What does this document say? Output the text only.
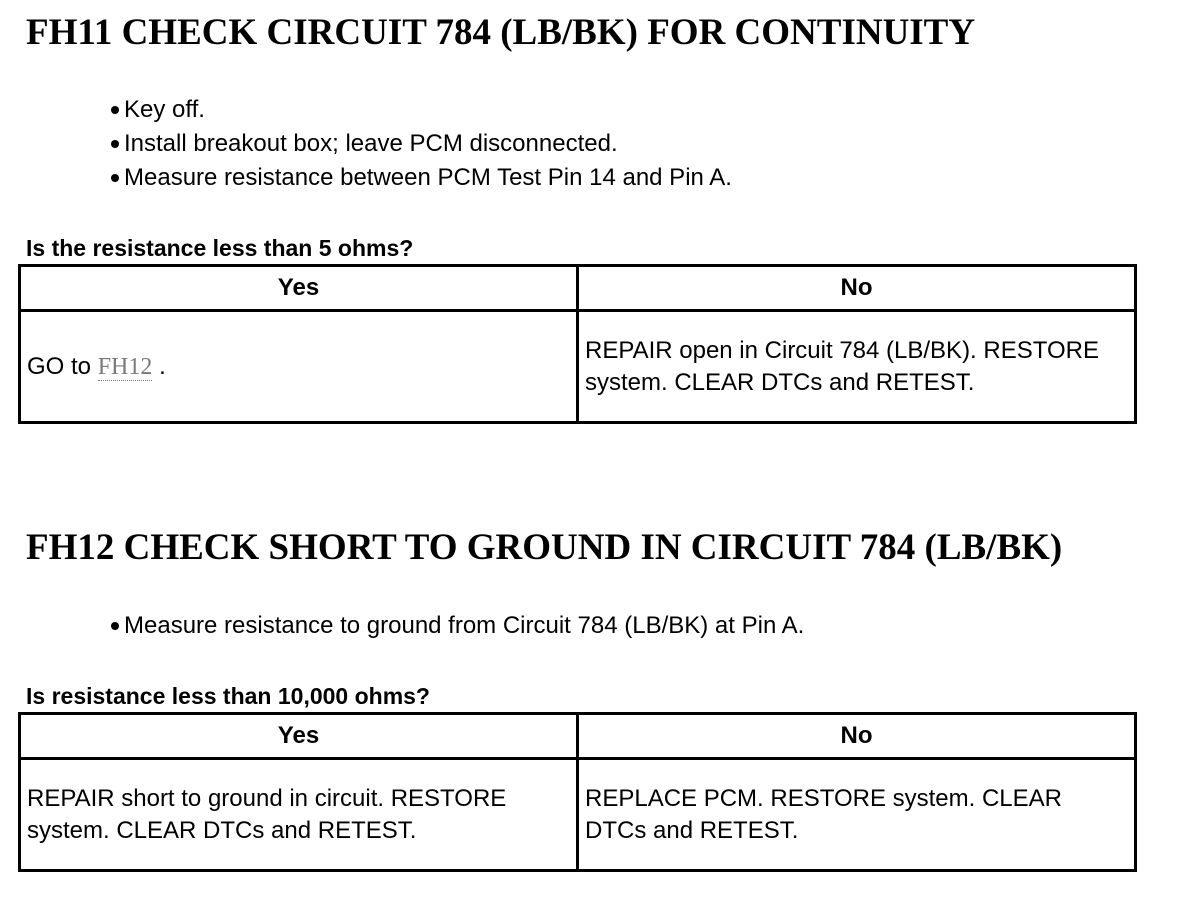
FH11 CHECK CIRCUIT 784 (LB/BK) FOR CONTINUITY
Key off.
Install breakout box; leave PCM disconnected.
Measure resistance between PCM Test Pin 14 and Pin A.

Is the resistance less than 5 ohms?

Yes	No
GO to FH12 .	REPAIR open in Circuit 784 (LB/BK). RESTORE system. CLEAR DTCs and RETEST.
FH12 CHECK SHORT TO GROUND IN CIRCUIT 784 (LB/BK)
Measure resistance to ground from Circuit 784 (LB/BK) at Pin A.

Is resistance less than 10,000 ohms?

Yes	No
REPAIR short to ground in circuit. RESTORE system. CLEAR DTCs and RETEST.	REPLACE PCM. RESTORE system. CLEAR DTCs and RETEST.
